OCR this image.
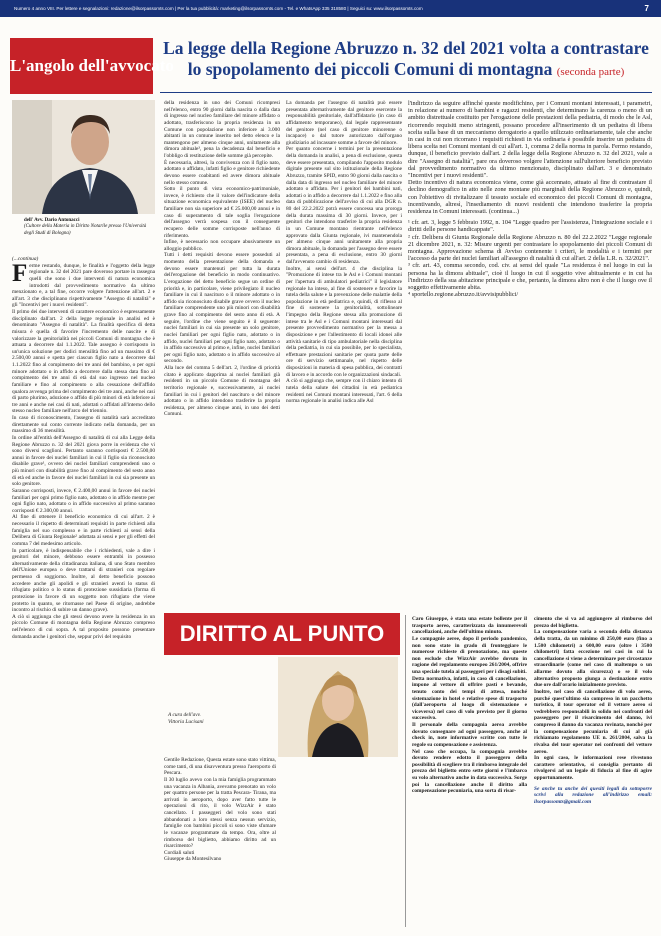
Numero 4 anno VIII. Per lettere e segnalazioni: redazione@ilsorpassomts.com | Per la tua pubblicità: marketing@ilsorpassomts.com - Tel. e WhatsApp 335 318580 | Seguici su: www.ilsorpassomts.com	7
L'angolo dell'avvocato
La legge della Regione Abruzzo n. 32 del 2021 volta a contrastare lo spopolamento dei piccoli Comuni di montagna (seconda parte)
dell' Avv. Dario Antonacci
(Cultore della Materia in Diritto Notarile presso l'Università degli Studi di Bologna)

(...continua)

Ferme restando, dunque, le finalità e l'oggetto della legge regionale n. 32 del 2021 pare doveroso portare in rassegna quelli che sono i due interventi di natura economica introdotti dal provvedimento normativo da ultimo menzionato e, a tal fine, occorre volgere l'attenzione all'art. 2 e all'art. 3 che disciplinano rispettivamente "Assegno di natalità" e gli "Incentivi per i nuovi residenti".

Il primo dei due interventi di carattere economico è espressamente disciplinato dall'art. 2 della legge regionale in analisi ed è denominato "Assegno di natalità". La finalità specifica di detta misura è quella di favorire l'incremento delle nascite e di valorizzare la genitorialità nei piccoli Comuni di montagna che è attuata a decorrere dal 1.1.2022. Tale assegno è corrisposto in un'unica soluzione per dodici mensilità fino ad un massimo di € 2.500,00 annui e spetta per ciascun figlio nato a decorrere dal 1.1.2022 fino al compimento dei tre anni del bambino, o per ogni minore adottato o in affido a decorrere dalla stessa data fino al compimento dei tre anni di età dal suo ingresso nel nucleo familiare e fino al compimento o alla cessazione dell'affido qualora avvenga prima del compimento dei tre anni, anche nei casi di parto plurimo, adozione o affido di più minori di età inferiore ai tre anni e anche nei casi di nati, adottati o affidati all'interno dello stesso nucleo familiare nell'arco del triennio.

In caso di riconoscimento, l'assegno di natalità sarà accreditato direttamente sul conto corrente indicato nella domanda, per un massimo di 36 mensilità.

In ordine all'entità dell'Assegno di natalità di cui alla Legge della Regione Abruzzo n. 32 del 2021 giova porre in evidenza che vi sono diversi scaglioni. Pertanto saranno corrisposti € 2.500,00 annui in favore dei nuclei familiari in cui il figlio sia riconosciuto disabile grave¹, ovvero dei nuclei familiari comprendenti uno o più minori con disabilità grave fino al compimento del sesto anno di età ed anche in favore dei nuclei familiari in cui sia presente un solo genitore.

Saranno corrisposti, invece, € 2.400,00 annui in favore dei nuclei familiari per ogni primo figlio nato, adottato o in affido mentre per ogni figlio nato, adottato o in affido successivo al primo saranno corrisposti € 2.300,00 annui.

Al fine di ottenere il beneficio economico di cui all'art. 2 è necessario il rispetto di determinati requisiti in parte richiesti alla famiglia nel suo complesso e in parte richiesti ai sensi della Delibera di Giunta Regionale² adottata ai sensi e per gli effetti del comma 7 del medesimo articolo.

In particolare, è indispensabile che i richiedenti, vale a dire i genitori del minore, debbono essere entrambi in possesso alternativamente della cittadinanza italiana, di uno Stato membro dell'Unione europea o deve trattarsi di stranieri con regolare permesso di soggiorno. Inoltre, al detto beneficio possono accedere anche gli apolidi e gli stranieri aventi lo status di rifugiato politico o lo status di protezione sussidiaria (forma di protezione in favore di un soggetto non rifugiato che viene protetto in quanto, se ritornasse nel Paese di origine, andrebbe incontro al rischio di subire un danno grave).

A ciò si aggiunga che gli stessi devono avere la residenza in un piccolo Comune di montagna della Regione Abruzzo compreso nell'elenco di cui sopra. A tal proposito possono presentare domanda anche i genitori che, seppur privi del requisito

della residenza in uno dei Comuni ricompresi nell'elenco, entro 90 giorni dalla nascita o dalla data di ingresso nel nucleo familiare del minore affidato o adottato, trasferiscono la propria residenza in un Comune con popolazione non inferiore ai 3.000 abitanti in un comune inserito nel detto elenco e la mantengono per almeno cinque anni, unitamente alla dimora abituale³, pena la decadenza dal beneficio e l'obbligo di restituzione delle somme già percepite.

È necessaria, altresì, la convivenza con il figlio nato, adottato o affidato, infatti figlio e genitore richiedente devono essere coabitanti ed avere dimora abituale nello stesso comune.

Sotto il punto di vista economico-patrimoniale, invece, è richiesto che il valore dell'indicatore della situazione economica equivalente (ISEE) del nucleo familiare non sia superiore ad € 25.000,00 annui e in caso di superamento di tale soglia l'erogazione dell'assegno verrà sospesa con il conseguente recupero delle somme corrisposte nell'anno di riferimento.

Infine, è necessario non occupare abusivamente un alloggio pubblico.

Tutti i detti requisiti devono essere posseduti al momento della presentazione della domanda e devono essere mantenuti per tutta la durata dell'erogazione del beneficio in modo continuativo. L'erogazione del detto beneficio segue un ordine di priorità e, in particolare, viene privilegiato il nucleo familiare in cui il nascituro o il minore adottato o in affido sia riconosciuto disabile grave ovvero il nucleo familiare comprendente uno più minori con disabilità grave fino al compimento del sesto anno di età. A seguire, l'ordine che viene seguito è il seguente: nuclei familiari in cui sia presente un solo genitore, nuclei familiari per ogni figlio nato, adottato o in affido, nuclei familiari per ogni figlio nato, adottato o in affido successivo al primo e, infine, nuclei familiari per ogni figlio nato, adottato o in affido successivo al secondo.

Alla luce del comma 5 dell'art. 2, l'ordine di priorità citato è applicato dapprima ai nuclei familiari già residenti in un piccolo Comune di montagna del territorio regionale e, successivamente, ai nuclei familiari in cui i genitori del nascituro o del minore adottato o in affido intendono trasferire la propria residenza, per almeno cinque anni, in uno dei detti Comuni.

La domanda per l'assegno di natalità può essere presentata alternativamente dal genitore esercente la responsabilità genitoriale, dall'affidatario (in caso di affidamento temporaneo), dal legale rappresentante del genitore (nel caso di genitore minorenne o incapace) o dal tutore autorizzato dall'organo giudiziario ad incassare somme a favore del minore.

Per quanto concerne i termini per la presentazione della domanda in analisi, a pena di esclusione, questa deve essere presentata, compilando l'apposito modulo digitale presente sul sito istituzionale della Regione Abruzzo, tramite SPID, entro 90 giorni dalla nascita o dalla data di ingresso nel nucleo familiare del minore adottato o affidato. Per i genitori dei bambini nati, adottati o in affido a decorrere dal 1.1.2022 e fino alla data di pubblicazione dell'avviso di cui alla DGR n. 80 del 22.2.2022 potrà essere concessa una proroga della durata massima di 30 giorni. Invece, per i genitori che intendono trasferire la propria residenza in un Comune montano rientrante nell'elenco approvato dalla Giunta regionale, ivi mantenendola per almeno cinque anni unitamente alla propria dimora abituale, la domanda per l'assegno deve essere presentata, a pena di esclusione, entro 30 giorni dall'avvenuto cambio di residenza.

Inoltre, ai sensi dell'art. 4 che disciplina la "Promozione di intese tra le Asl e i Comuni montani per l'apertura di ambulatori pediatrici" il legislatore regionale ha inteso, al fine di sostenere e favorire la tutela della salute e la prevenzione delle malattie della popolazione in età pediatrica e, quindi, di riflesso al fine di sostenere la genitorialità, sottolineare l'impegno della Regione stessa alla promozione di intese tra le Asl e i Comuni montani interessati dal presente provvedimento normativo per la messa a disposizione e per l'allestimento di locali idonei alle attività sanitarie di tipo ambulatoriale nella disciplina della pediatria, in cui sia possibile, per lo specialista, effettuare prestazioni sanitarie per quota parte delle ore di servizio settimanale, nel rispetto delle disposizioni in materia di spesa pubblica, dei contratti di lavoro e in accordo con le organizzazioni sindacali.

A ciò si aggiunga che, sempre con il chiaro intento di tutela della salute dei cittadini in età pediatrica residenti nei Comuni montani interessati, l'art. 6 della norma regionale in analisi indica alle Asl

l'indirizzo da seguire affinché queste modifichino, per i Comuni montani interessati, i parametri, in relazione ai numero di bambini e ragazzi residenti, che determinano la carenza o meno di un ambito distrettuale costituito per l'erogazione delle prestazioni della pediatria, di modo che le Asl, ricorrendo requisiti meno stringenti, possano procedere all'inserimento di un pediatra di libera scelta sulla base di un meccanismo derogatorio a quello utilizzato ordinariamente, tale che anche in casi in cui non ricorrano i requisiti richiesti in via ordinaria è possibile inserire un pediatra di libera scelta nei Comuni montani di cui all'art. 1, comma 2 della norma in parola. Fermo restando, dunque, il beneficio previsto dall'art. 2 della legge della Regione Abruzzo n. 32 del 2021, vale a dire "Assegno di natalità", pare ora doveroso volgere l'attenzione sull'ulteriore beneficio previsto dal provvedimento normativo da ultimo menzionato, disciplinato dall'art. 3 e denominato "Incentivi per i nuovi residenti".

Detto incentivo di natura economica viene, come già accennato, attuato al fine di contrastare il declino demografico in atto nelle zone montane più marginali della Regione Abruzzo e, quindi, con l'obiettivo di rivitalizzare il tessuto sociale ed economico dei piccoli Comuni di montagna, incentivando, altresì, l'insediamento di nuovi residenti che intendono trasferire la propria residenza in Comuni interessati. (continua...)

¹ cfr. art. 3, legge 5 febbraio 1992, n. 104 "Legge quadro per l'assistenza, l'integrazione sociale e i diritti delle persone handicappate".

² cfr. Delibera di Giunta Regionale della Regione Abruzzo n. 80 del 22.2.2022 "Legge regionale 21 dicembre 2021, n. 32: Misure urgenti per contrastare lo spopolamento dei piccoli Comuni di montagna. Approvazione schema di Avviso contenente i criteri, le modalità e i termini per l'accesso da parte dei nuclei familiari all'assegno di natalità di cui all'art. 2 della L.R. n. 32/2021".

³ cfr. art. 43, comma secondo, cod. civ. ai sensi del quale "La residenza è nel luogo in cui la persona ha la dimora abituale", cioè il luogo in cui il soggetto vive abitualmente e in cui ha l'indirizzo della sua abitazione principale e che, pertanto, la dimora altro non è che il luogo ove il soggetto effettivamente abita.

⁴ sportello.regione.abruzzo.it/avvisipubblici/

DIRITTO AL PUNTO
A cura dell'avv.
Vittoria Lucisani

Gentile Redazione, Questa estate sono stato vittima, come tanti, di una disavventura presso l'aeroporto di Pescara.

Il 30 luglio avevo con la mia famiglia programmato una vacanza in Albania, avevamo prenotato un volo per quattro persone per la tratta Pescara- Tirana, ma arrivati in aeroporto, dopo aver fatto tutte le operazioni di rito, il volo WizzAir è stato cancellato. I passeggeri del volo sono stati abbandonati a loro stessi senza nessun servizio, famiglie con bambini piccoli si sono viste sfumare le vacanze programmate da tempo. Ora, oltre al rimborso del biglietto, abbiamo diritto ad un risarcimento?

Cordiali saluti

Giuseppe da Montesilvano

Caro Giuseppe, è stata una estate bollente per il trasporto aereo, caratterizzata da innumerevoli cancellazioni, anche dell'ultimo minuto.

Le compagnie aeree, dopo il periodo pandemico, non sono state in grado di fronteggiare le numerose richieste di prenotazione, ma queste non esclude che WizzAir avrebbe dovuto in ragione del regolamento europeo 261/2004, offrire una speciale tutela ai passeggeri per i disagi subiti.

Detta normativa, infatti, in caso di cancellazione, impone al vettore di offrire pasti e bevande, tenuto conto dei tempi di attesa, nonché sistemazione in hotel e relative spese di trasporto (dall'aeroporto al luogo di sistemazione e viceversa) nel caso di volo previsto per il giorno successivo.

Il personale della compagnia aerea avrebbe dovuto consegnare ad ogni passeggero, anche al check in, note informative scritte con tutte le regole su compensazione e assistenza.

Nel caso che occupa, la compagnia avrebbe dovuto rendere edotto il passeggero della possibilità di scegliere tra il rimborso integrale del prezzo del biglietto entro sette giorni e l'imbarco su volo alternativo anche in data successiva. Sorge poi la cancellazione anche il diritto alla compensazione pecuniaria, una sorta di risar-

cimento che si va ad aggiungere al rimborso del prezzo del biglietto.

La compensazione varia a seconda della distanza della tratta, da un minimo di 250,00 euro (fino a 1.500 chilometri) a 600,00 euro (oltre i 3500 chilometri) fatta eccezione nei casi in cui la cancellazione si viene a determinare per circostanze straordinarie (come nel caso di maltempo o un allarme dovuto alla sicurezza) o se il volo alternativo proposto giunga a destinazione entro due ore dall'orario inizialmente previsto.

Inoltre, nel caso di cancellazione di volo aereo, purché quest'ultimo sia compreso in un pacchetto turistico, il tour operator ed il vettore aereo si vedrebbero responsabili in solido nei confronti del passeggero per il risarcimento del danno, ivi compreso il danno da vacanza rovinata, nonché per la compensazione pecuniaria di cui al già richiamato regolamento UE n. 261/2004, salva la rivalsa del tour operator nei confronti del vettore aereo.

In ogni caso, le informazioni rese rivestono carattere orientativo, si consiglia pertanto di rivolgersi ad un legale di fiducia al fine di agire opportunamente.

Se anche tu anche dei quesiti legali da sottoporre scrivi alla redazione all'indirizzo email: ilsorpassomts@gmail.com
